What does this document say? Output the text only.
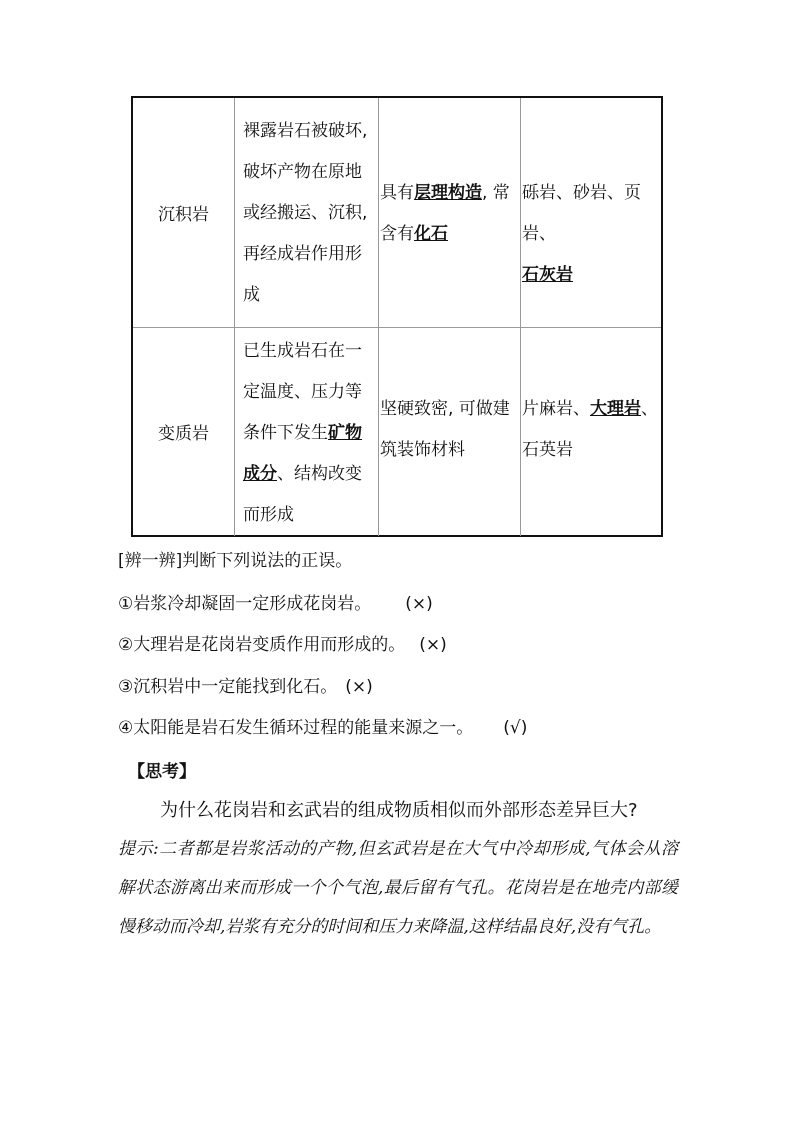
沉积岩
裸露岩石被破坏,
破坏产物在原地
或经搬运、沉积,
再经成岩作用形
成
具有层理构造, 常
含有化石
砾岩、砂岩、页岩、
石灰岩
变质岩
已生成岩石在一
定温度、压力等
条件下发生矿物
成分、结构改变
而形成
坚硬致密, 可做建
筑装饰材料
片麻岩、大理岩、
石英岩
[辨一辨]判断下列说法的正误。
①岩浆冷却凝固一定形成花岗岩。 (×)
②大理岩是花岗岩变质作用而形成的。 (×)
③沉积岩中一定能找到化石。 (×)
④太阳能是岩石发生循环过程的能量来源之一。 (√)
【思考】
为什么花岗岩和玄武岩的组成物质相似而外部形态差异巨大?
提示:二者都是岩浆活动的产物,但玄武岩是在大气中冷却形成,气体会从溶解状态游离出来而形成一个个气泡,最后留有气孔。花岗岩是在地壳内部缓慢移动而冷却,岩浆有充分的时间和压力来降温,这样结晶良好,没有气孔。
